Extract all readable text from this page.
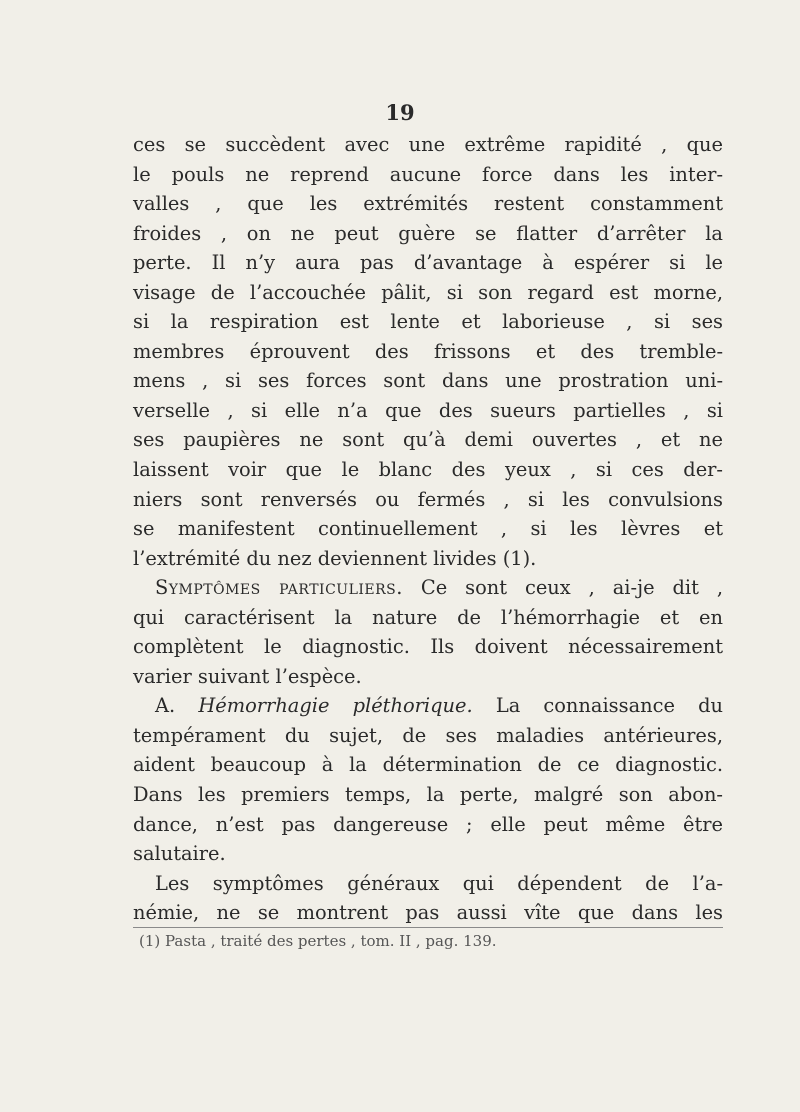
19
ces se succèdent avec une extrême rapidité , que
le pouls ne reprend aucune force dans les inter-
valles , que les extrémités restent constamment
froides , on ne peut guère se flatter d’arrêter la
perte. Il n’y aura pas d’avantage à espérer si le
visage de l’accouchée pâlit, si son regard est morne,
si la respiration est lente et laborieuse , si ses
membres éprouvent des frissons et des tremble-
mens , si ses forces sont dans une prostration uni-
verselle , si elle n’a que des sueurs partielles , si
ses paupières ne sont qu’à demi ouvertes , et ne
laissent voir que le blanc des yeux , si ces der-
niers sont renversés ou fermés , si les convulsions
se manifestent continuellement , si les lèvres et
l’extrémité du nez deviennent livides (1).
Symptômes particuliers. Ce sont ceux , ai-je dit ,
qui caractérisent la nature de l’hémorrhagie et en
complètent le diagnostic. Ils doivent nécessairement
varier suivant l’espèce.
A. Hémorrhagie pléthorique. La connaissance du
tempérament du sujet, de ses maladies antérieures,
aident beaucoup à la détermination de ce diagnostic.
Dans les premiers temps, la perte, malgré son abon-
dance, n’est pas dangereuse ; elle peut même être
salutaire.
Les symptômes généraux qui dépendent de l’a-
némie, ne se montrent pas aussi vîte que dans les
(1) Pasta , traité des pertes , tom. II , pag. 139.
